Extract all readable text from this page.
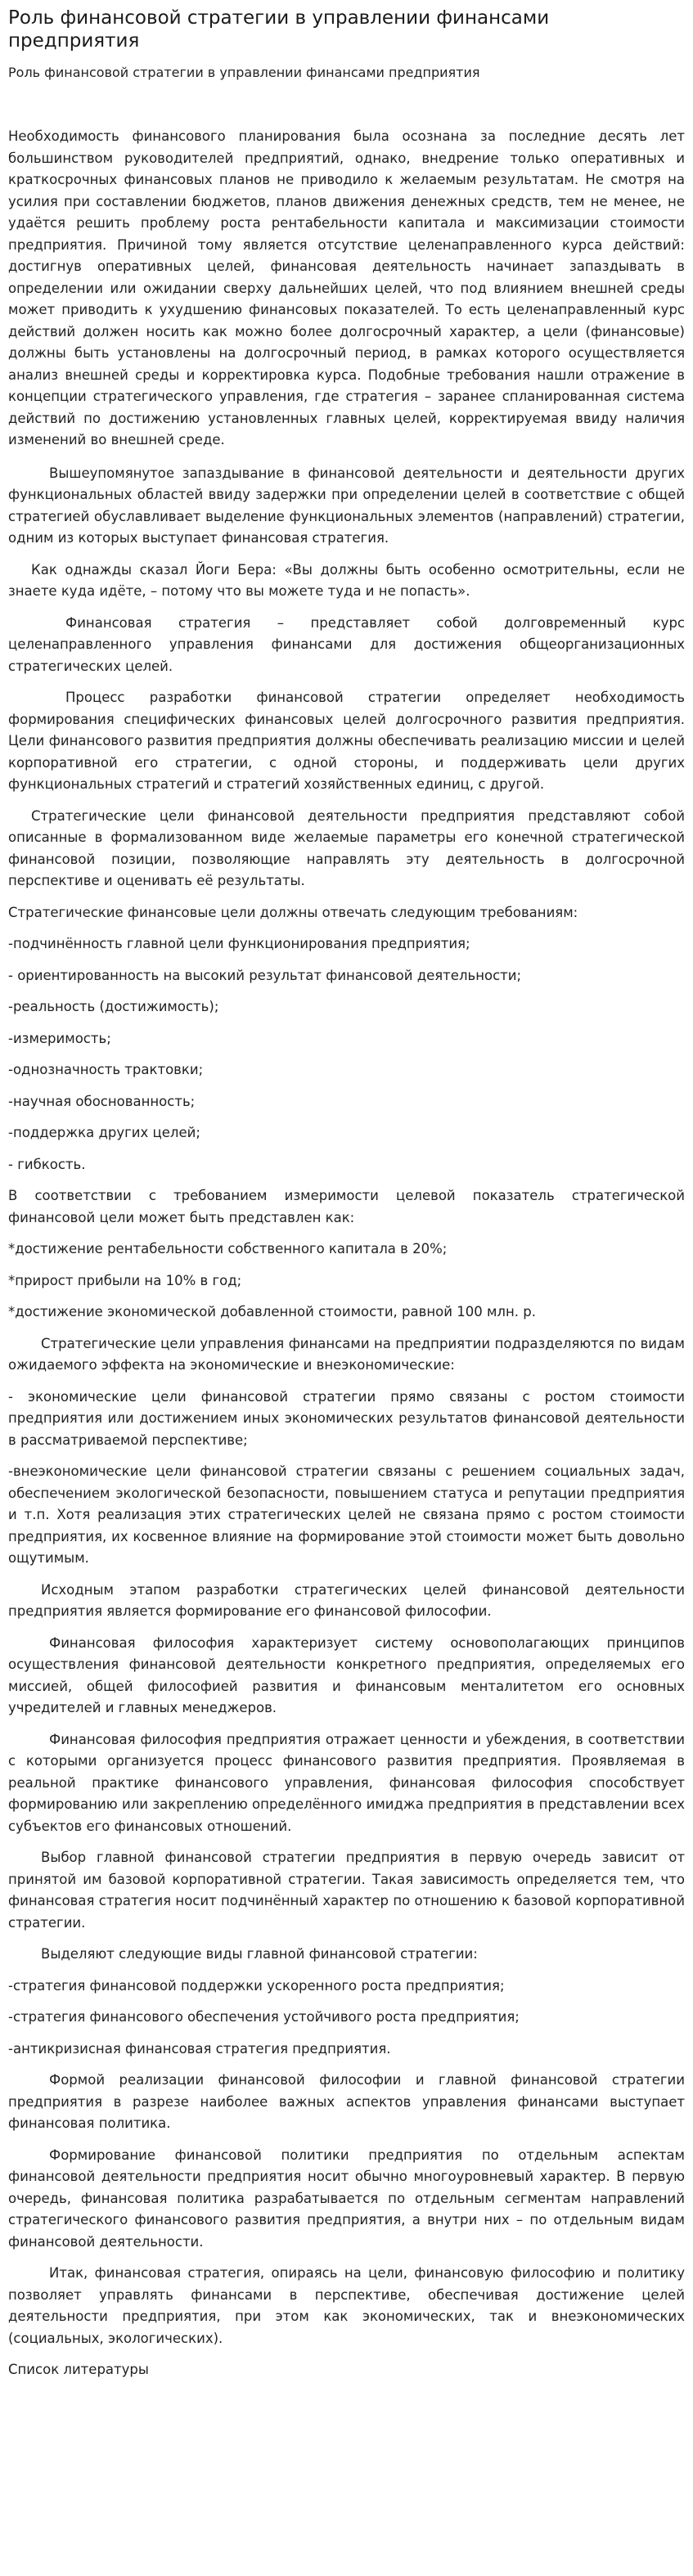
Роль финансовой стратегии в управлении финансами предприятия
Роль финансовой стратегии в управлении финансами предприятия

Необходимость финансового планирования была осознана за последние десять лет большинством руководителей предприятий, однако, внедрение только оперативных и краткосрочных финансовых планов не приводило к желаемым результатам. Не смотря на усилия при составлении бюджетов, планов движения денежных средств, тем не менее, не удаётся решить проблему роста рентабельности капитала и максимизации стоимости предприятия. Причиной тому является отсутствие целенаправленного курса действий: достигнув оперативных целей, финансовая деятельность начинает запаздывать в определении или ожидании сверху дальнейших целей, что под влиянием внешней среды может приводить к ухудшению финансовых показателей. То есть целенаправленный курс действий должен носить как можно более долгосрочный характер, а цели (финансовые) должны быть установлены на долгосрочный период, в рамках которого осуществляется анализ внешней среды и корректировка курса. Подобные требования нашли отражение в концепции стратегического управления, где стратегия – заранее спланированная система действий по достижению установленных главных целей, корректируемая ввиду наличия изменений во внешней среде.

Вышеупомянутое запаздывание в финансовой деятельности и деятельности других функциональных областей ввиду задержки при определении целей в соответствие с общей стратегией обуславливает выделение функциональных элементов (направлений) стратегии, одним из которых выступает финансовая стратегия.

Как однажды сказал Йоги Бера: «Вы должны быть особенно осмотрительны, если не знаете куда идёте, – потому что вы можете туда и не попасть».

Финансовая стратегия – представляет собой долговременный курс целенаправленного управления финансами для достижения общеорганизационных стратегических целей.

Процесс разработки финансовой стратегии определяет необходимость формирования специфических финансовых целей долгосрочного развития предприятия. Цели финансового развития предприятия должны обеспечивать реализацию миссии и целей корпоративной его стратегии, с одной стороны, и поддерживать цели других функциональных стратегий и стратегий хозяйственных единиц, с другой.

Стратегические цели финансовой деятельности предприятия представляют собой описанные в формализованном виде желаемые параметры его конечной стратегической финансовой позиции, позволяющие направлять эту деятельность в долгосрочной перспективе и оценивать её результаты.

Стратегические финансовые цели должны отвечать следующим требованиям:

-подчинённость главной цели функционирования предприятия;

- ориентированность на высокий результат финансовой деятельности;

-реальность (достижимость);

-измеримость;

-однозначность трактовки;

-научная обоснованность;

-поддержка других целей;

- гибкость.

В соответствии с требованием измеримости целевой показатель стратегической финансовой цели может быть представлен как:

*достижение рентабельности собственного капитала в 20%;

*прирост прибыли на 10% в год;

*достижение экономической добавленной стоимости, равной 100 млн. р.

Стратегические цели управления финансами на предприятии подразделяются по видам ожидаемого эффекта на экономические и внеэкономические:

- экономические цели финансовой стратегии прямо связаны с ростом стоимости предприятия или достижением иных экономических результатов финансовой деятельности в рассматриваемой перспективе;

-внеэкономические цели финансовой стратегии связаны с решением социальных задач, обеспечением экологической безопасности, повышением статуса и репутации предприятия и т.п. Хотя реализация этих стратегических целей не связана прямо с ростом стоимости предприятия, их косвенное влияние на формирование этой стоимости может быть довольно ощутимым.

Исходным этапом разработки стратегических целей финансовой деятельности предприятия является формирование его финансовой философии.

Финансовая философия характеризует систему основополагающих принципов осуществления финансовой деятельности конкретного предприятия, определяемых его миссией, общей философией развития и финансовым менталитетом его основных учредителей и главных менеджеров.

Финансовая философия предприятия отражает ценности и убеждения, в соответствии с которыми организуется процесс финансового развития предприятия. Проявляемая в реальной практике финансового управления, финансовая философия способствует формированию или закреплению определённого имиджа предприятия в представлении всех субъектов его финансовых отношений.

Выбор главной финансовой стратегии предприятия в первую очередь зависит от принятой им базовой корпоративной стратегии. Такая зависимость определяется тем, что финансовая стратегия носит подчинённый характер по отношению к базовой корпоративной стратегии.

Выделяют следующие виды главной финансовой стратегии:

-стратегия финансовой поддержки ускоренного роста предприятия;

-стратегия финансового обеспечения устойчивого роста предприятия;

-антикризисная финансовая стратегия предприятия.

Формой реализации финансовой философии и главной финансовой стратегии предприятия в разрезе наиболее важных аспектов управления финансами выступает финансовая политика.

Формирование финансовой политики предприятия по отдельным аспектам финансовой деятельности предприятия носит обычно многоуровневый характер. В первую очередь, финансовая политика разрабатывается по отдельным сегментам направлений стратегического финансового развития предприятия, а внутри них – по отдельным видам финансовой деятельности.

Итак, финансовая стратегия, опираясь на цели, финансовую философию и политику позволяет управлять финансами в перспективе, обеспечивая достижение целей деятельности предприятия, при этом как экономических, так и внеэкономических (социальных, экологических).

Список литературы
